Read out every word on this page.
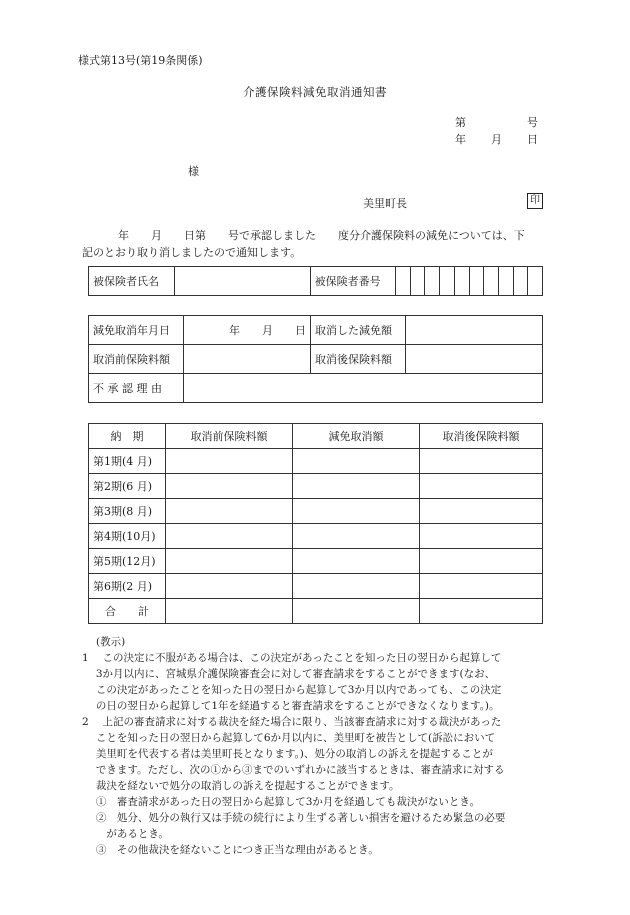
様式第13号(第19条関係)
介護保険料減免取消通知書
第	号
年 月 日
様
美里町長	印
年　　月　　日第　　号で承認しました　　度分介護保険料の減免については、下
記のとおり取り消しましたので通知します。
被保険者氏名		被保険者番号										
減免取消年月日	年　　月　　日	取消した減免額	
取消前保険料額		取消後保険料額	
不 承 認 理 由			
納　期	取消前保険料額	減免取消額	取消後保険料額
第1期(4 月)			
第2期(6 月)			
第3期(8 月)			
第4期(10月)			
第5期(12月)			
第6期(2 月)			
合　　計			
(教示)
1　 この決定に不服がある場合は、この決定があったことを知った日の翌日から起算して
　 3か月以内に、宮城県介護保険審査会に対して審査請求をすることができます(なお、
　 この決定があったことを知った日の翌日から起算して3か月以内であっても、この決定
　 の日の翌日から起算して1年を経過すると審査請求をすることができなくなります。)。
2　 上記の審査請求に対する裁決を経た場合に限り、当該審査請求に対する裁決があった
　 ことを知った日の翌日から起算して6か月以内に、美里町を被告として(訴訟において
　 美里町を代表する者は美里町長となります。)、処分の取消しの訴えを提起することが
　 できます。ただし、次の①から③までのいずれかに該当するときは、審査請求に対する
　 裁決を経ないで処分の取消しの訴えを提起することができます。
　 ①　審査請求があった日の翌日から起算して3か月を経過しても裁決がないとき。
　 ②　処分、処分の執行又は手続の続行により生ずる著しい損害を避けるため緊急の必要
　　 があるとき。
　 ③　その他裁決を経ないことにつき正当な理由があるとき。
